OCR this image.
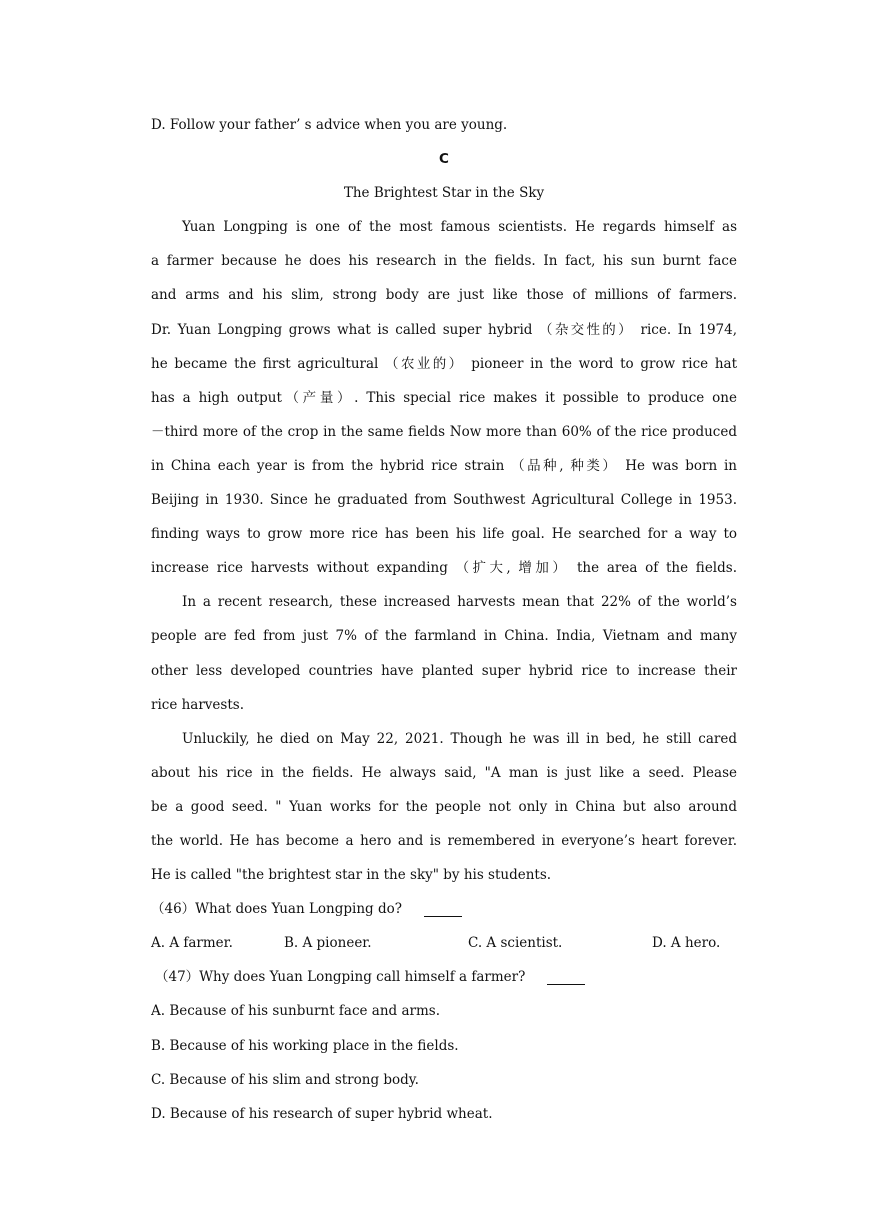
D. Follow your father’ s advice when you are young.
C
The Brightest Star in the Sky
Yuan Longping is one of the most famous scientists. He regards himself as
a farmer because he does his research in the fields. In fact, his sun burnt face
and arms and his slim, strong body are just like those of millions of farmers.
Dr. Yuan Longping grows what is called super hybrid （杂交性的） rice. In 1974,
he became the first agricultural （农业的） pioneer in the word to grow rice hat
has a high output（产量）. This special rice makes it possible to produce one
－third more of the crop in the same fields Now more than 60% of the rice produced
in China each year is from the hybrid rice strain （品种, 种类） He was born in
Beijing in 1930. Since he graduated from Southwest Agricultural College in 1953.
finding ways to grow more rice has been his life goal. He searched for a way to
increase rice harvests without expanding （扩大, 增加） the area of the fields.
In a recent research, these increased harvests mean that 22% of the world’s
people are fed from just 7% of the farmland in China. India, Vietnam and many
other less developed countries have planted super hybrid rice to increase their
rice harvests.
Unluckily, he died on May 22, 2021. Though he was ill in bed, he still cared
about his rice in the fields. He always said, "A man is just like a seed. Please
be a good seed. " Yuan works for the people not only in China but also around
the world. He has become a hero and is remembered in everyone’s heart forever.
He is called "the brightest star in the sky" by his students.
（46）What does Yuan Longping do?
A. A farmer.	B. A pioneer.	C. A scientist.	D. A hero.
（47）Why does Yuan Longping call himself a farmer?
A. Because of his sunburnt face and arms.
B. Because of his working place in the fields.
C. Because of his slim and strong body.
D. Because of his research of super hybrid wheat.
